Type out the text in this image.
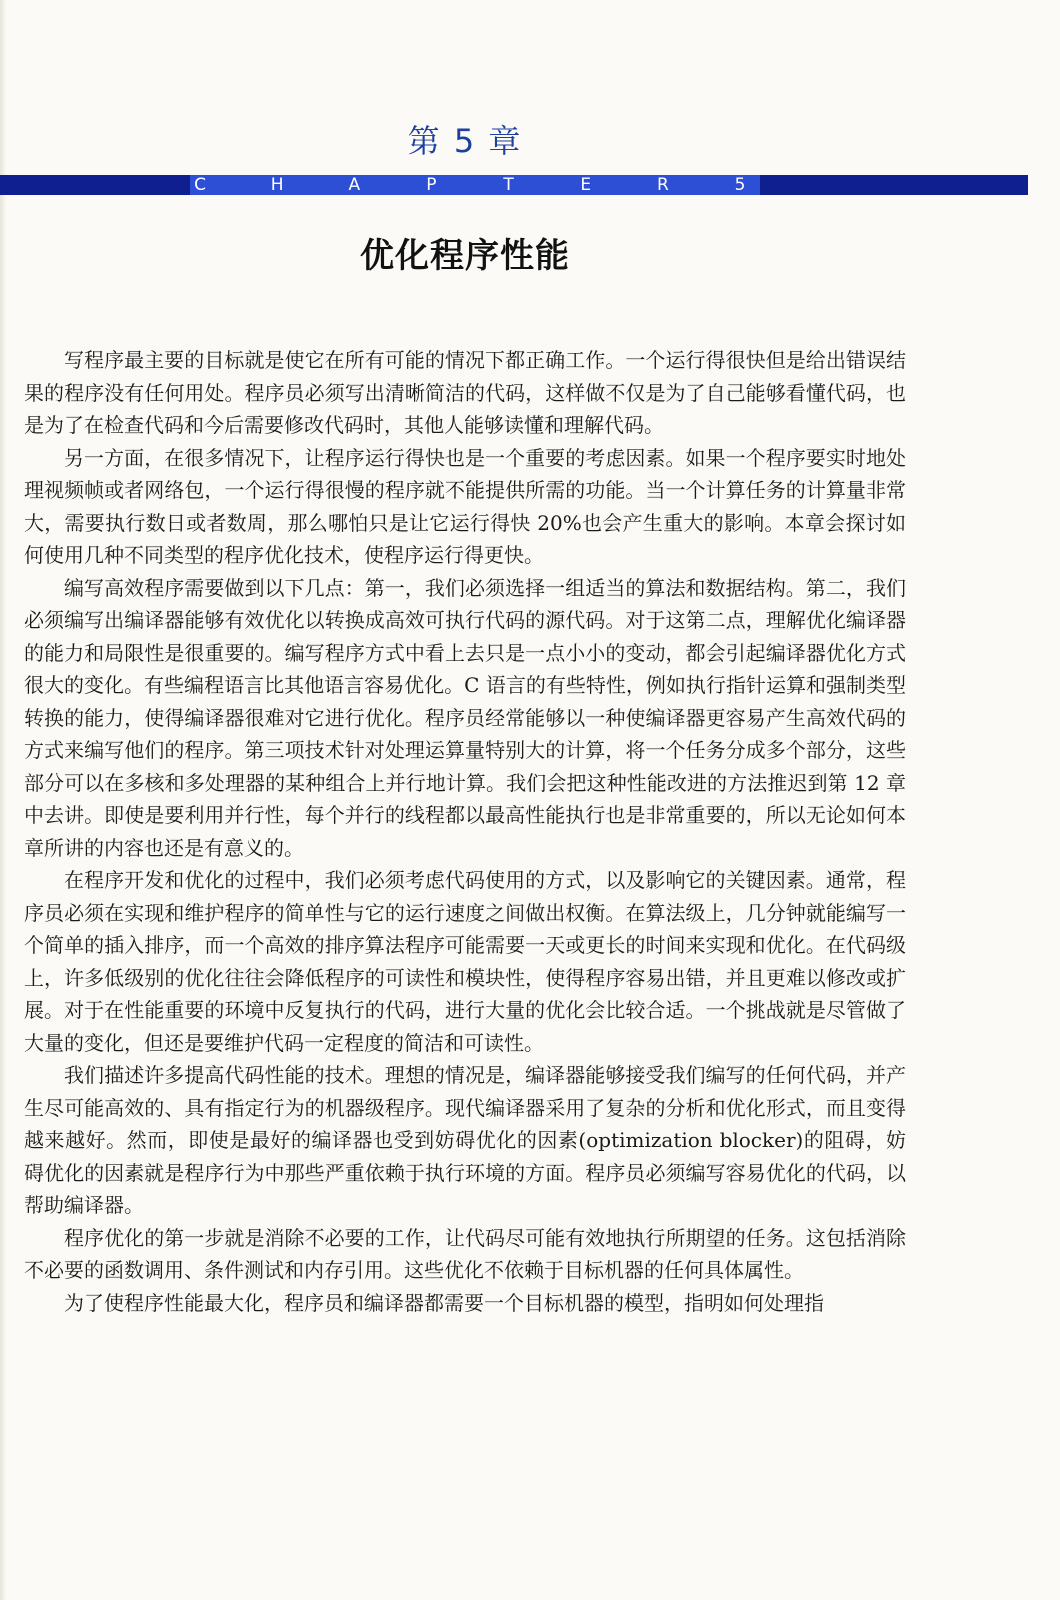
第 5 章
C	H	A	P	T	E	R	5
优化程序性能

写程序最主要的目标就是使它在所有可能的情况下都正确工作。一个运行得很快但是给出错误结果的程序没有任何用处。程序员必须写出清晰简洁的代码，这样做不仅是为了自己能够看懂代码，也是为了在检查代码和今后需要修改代码时，其他人能够读懂和理解代码。

另一方面，在很多情况下，让程序运行得快也是一个重要的考虑因素。如果一个程序要实时地处理视频帧或者网络包，一个运行得很慢的程序就不能提供所需的功能。当一个计算任务的计算量非常大，需要执行数日或者数周，那么哪怕只是让它运行得快 20%也会产生重大的影响。本章会探讨如何使用几种不同类型的程序优化技术，使程序运行得更快。

编写高效程序需要做到以下几点：第一，我们必须选择一组适当的算法和数据结构。第二，我们必须编写出编译器能够有效优化以转换成高效可执行代码的源代码。对于这第二点，理解优化编译器的能力和局限性是很重要的。编写程序方式中看上去只是一点小小的变动，都会引起编译器优化方式很大的变化。有些编程语言比其他语言容易优化。C 语言的有些特性，例如执行指针运算和强制类型转换的能力，使得编译器很难对它进行优化。程序员经常能够以一种使编译器更容易产生高效代码的方式来编写他们的程序。第三项技术针对处理运算量特别大的计算，将一个任务分成多个部分，这些部分可以在多核和多处理器的某种组合上并行地计算。我们会把这种性能改进的方法推迟到第 12 章中去讲。即使是要利用并行性，每个并行的线程都以最高性能执行也是非常重要的，所以无论如何本章所讲的内容也还是有意义的。

在程序开发和优化的过程中，我们必须考虑代码使用的方式，以及影响它的关键因素。通常，程序员必须在实现和维护程序的简单性与它的运行速度之间做出权衡。在算法级上，几分钟就能编写一个简单的插入排序，而一个高效的排序算法程序可能需要一天或更长的时间来实现和优化。在代码级上，许多低级别的优化往往会降低程序的可读性和模块性，使得程序容易出错，并且更难以修改或扩展。对于在性能重要的环境中反复执行的代码，进行大量的优化会比较合适。一个挑战就是尽管做了大量的变化，但还是要维护代码一定程度的简洁和可读性。

我们描述许多提高代码性能的技术。理想的情况是，编译器能够接受我们编写的任何代码，并产生尽可能高效的、具有指定行为的机器级程序。现代编译器采用了复杂的分析和优化形式，而且变得越来越好。然而，即使是最好的编译器也受到妨碍优化的因素(optimization blocker)的阻碍，妨碍优化的因素就是程序行为中那些严重依赖于执行环境的方面。程序员必须编写容易优化的代码，以帮助编译器。

程序优化的第一步就是消除不必要的工作，让代码尽可能有效地执行所期望的任务。这包括消除不必要的函数调用、条件测试和内存引用。这些优化不依赖于目标机器的任何具体属性。

为了使程序性能最大化，程序员和编译器都需要一个目标机器的模型，指明如何处理指
